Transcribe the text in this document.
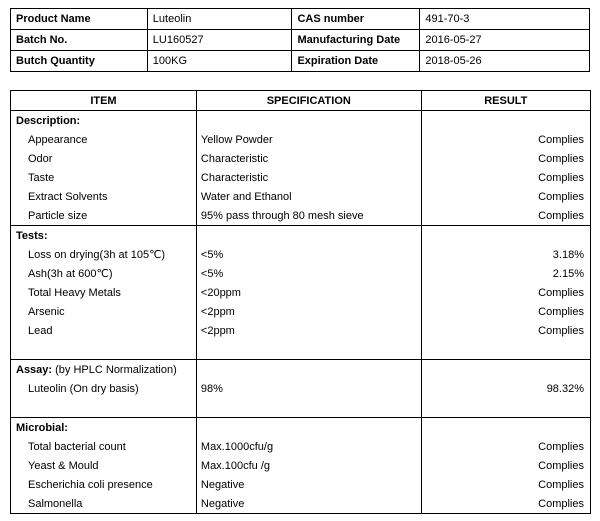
Product Name	Luteolin	CAS number	491-70-3
Batch No.	LU160527	Manufacturing Date	2016-05-27
Butch Quantity	100KG	Expiration Date	2018-05-26
ITEM	SPECIFICATION	RESULT
Description:		
Appearance	Yellow Powder	Complies
Odor	Characteristic	Complies
Taste	Characteristic	Complies
Extract Solvents	Water and Ethanol	Complies
Particle size	95% pass through 80 mesh sieve	Complies
Tests:		
Loss on drying(3h at 105℃)	<5%	3.18%
Ash(3h at 600℃)	<5%	2.15%
Total Heavy Metals	<20ppm	Complies
Arsenic	<2ppm	Complies
Lead	<2ppm	Complies

Assay: (by HPLC Normalization)		
Luteolin (On dry basis)	98%	98.32%

Microbial:		
Total bacterial count	Max.1000cfu/g	Complies
Yeast & Mould	Max.100cfu /g	Complies
Escherichia coli presence	Negative	Complies
Salmonella	Negative	Complies
